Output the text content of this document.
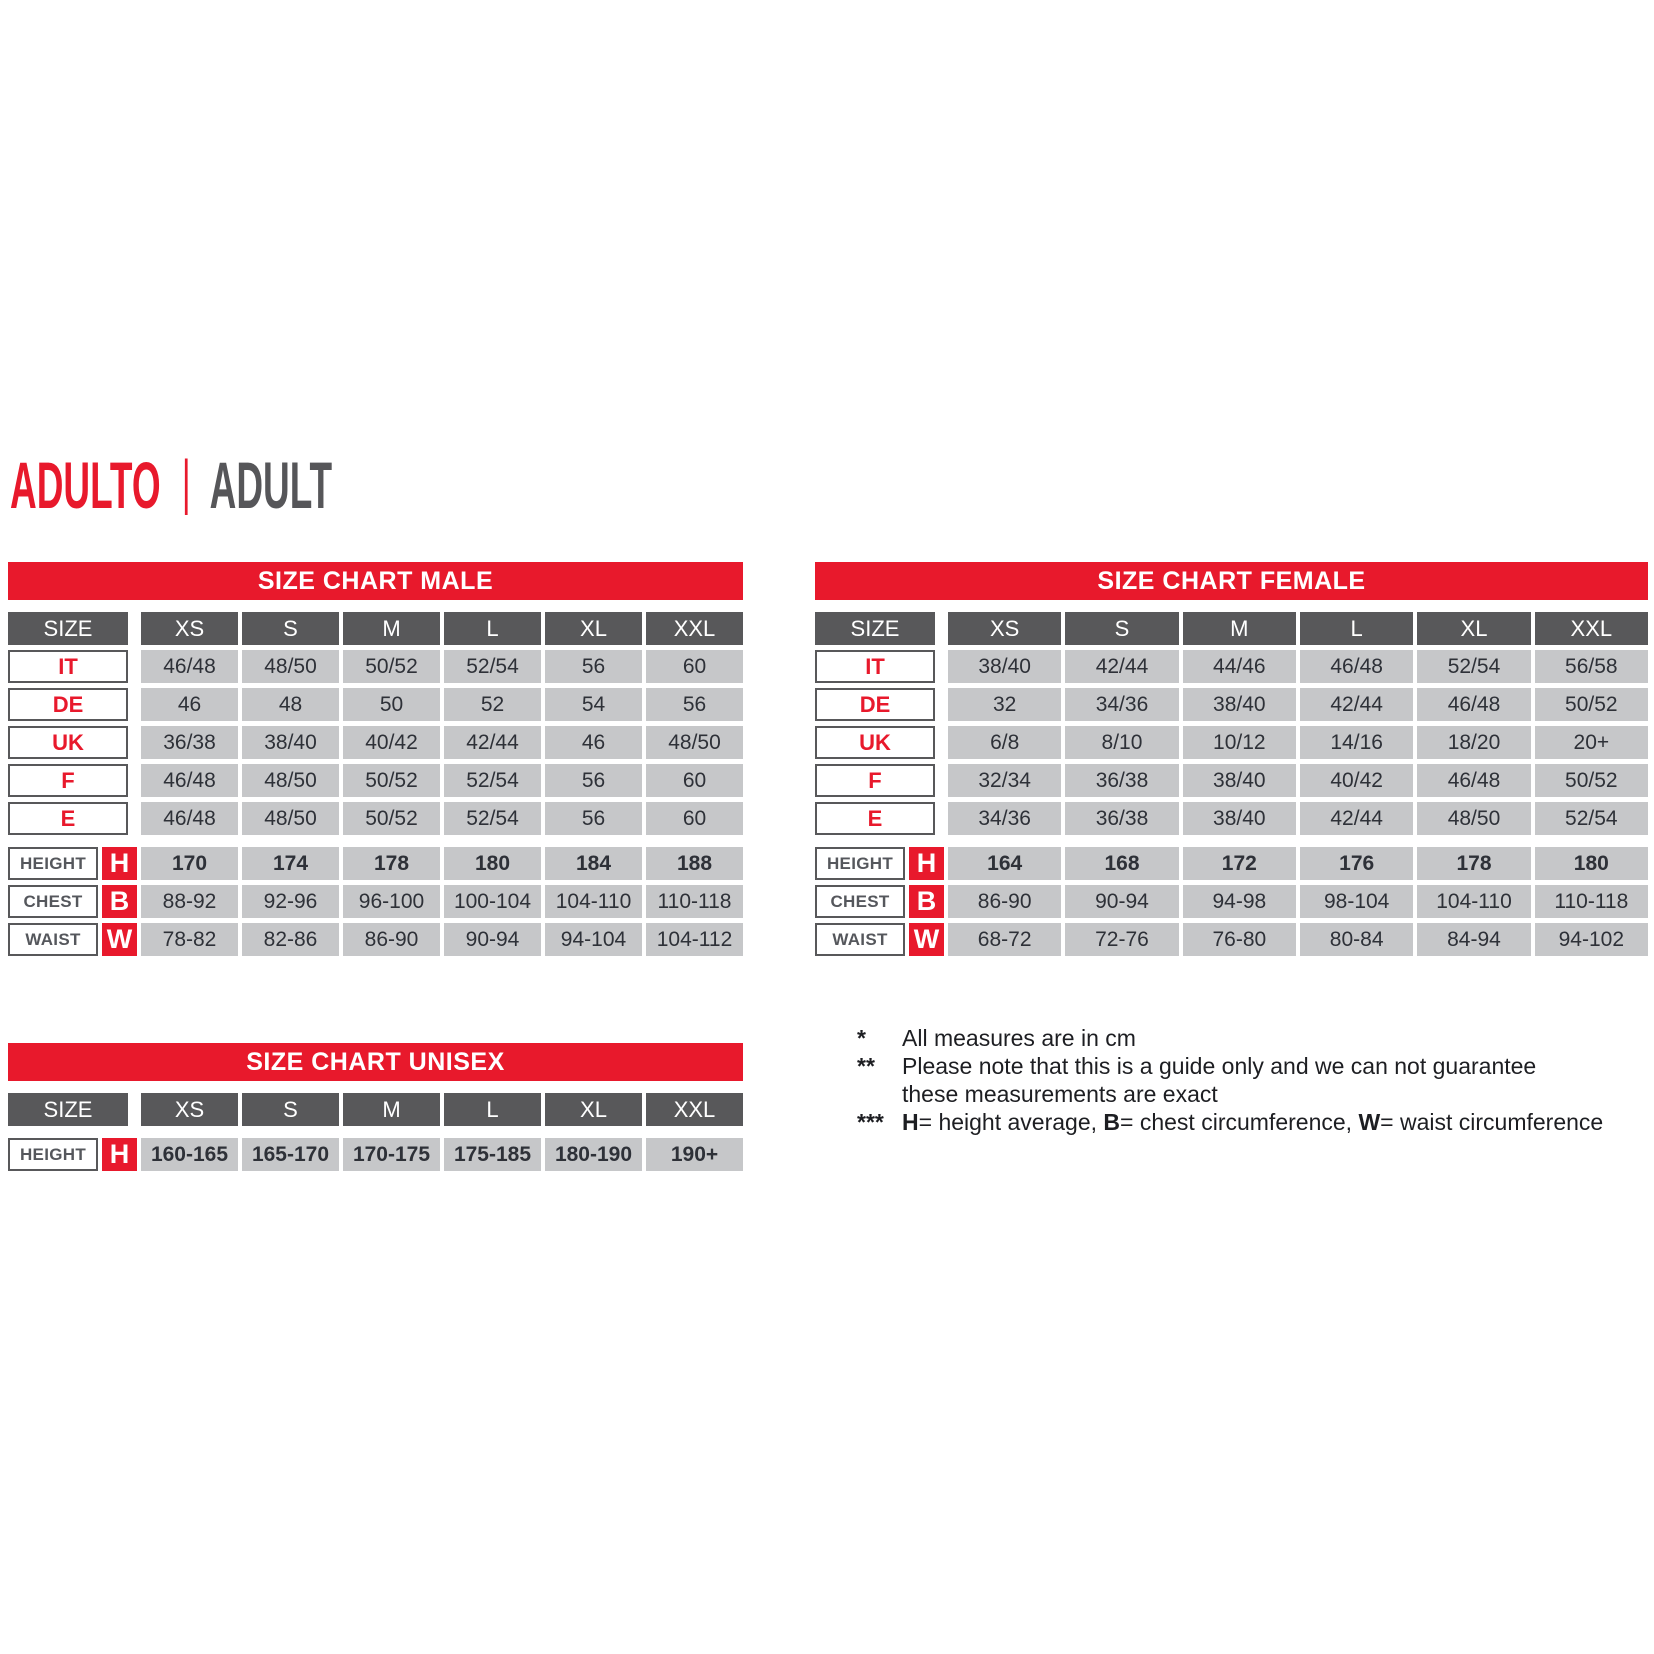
ADULTO | ADULT
SIZE CHART MALE
SIZE	XS	S	M	L	XL	XXL
IT	46/48	48/50	50/52	52/54	56	60
DE	46	48	50	52	54	56
UK	36/38	38/40	40/42	42/44	46	48/50
F	46/48	48/50	50/52	52/54	56	60
E	46/48	48/50	50/52	52/54	56	60
HEIGHT H	170	174	178	180	184	188
CHEST	B	88-92	92-96	96-100	100-104	104-110	110-118
WAIST W	78-82	82-86	86-90	90-94	94-104	104-112
SIZE CHART FEMALE
SIZE	XS	S	M	L	XL	XXL
IT	38/40	42/44	44/46	46/48	52/54	56/58
DE	32	34/36	38/40	42/44	46/48	50/52
UK	6/8	8/10	10/12	14/16	18/20	20+
F	32/34	36/38	38/40	40/42	46/48	50/52
E	34/36	36/38	38/40	42/44	48/50	52/54
HEIGHT H	164	168	172	176	178	180
CHEST	B	86-90	90-94	94-98	98-104	104-110	110-118
WAIST W	68-72	72-76	76-80	80-84	84-94	94-102
SIZE CHART UNISEX
SIZE	XS	S	M	L	XL	XXL
HEIGHT H	160-165	165-170	170-175	175-185	180-190	190+
*	All measures are in cm
**	Please note that this is a guide only and we can not guarantee
these measurements are exact
*** H= height average, B= chest circumference, W= waist circumference
